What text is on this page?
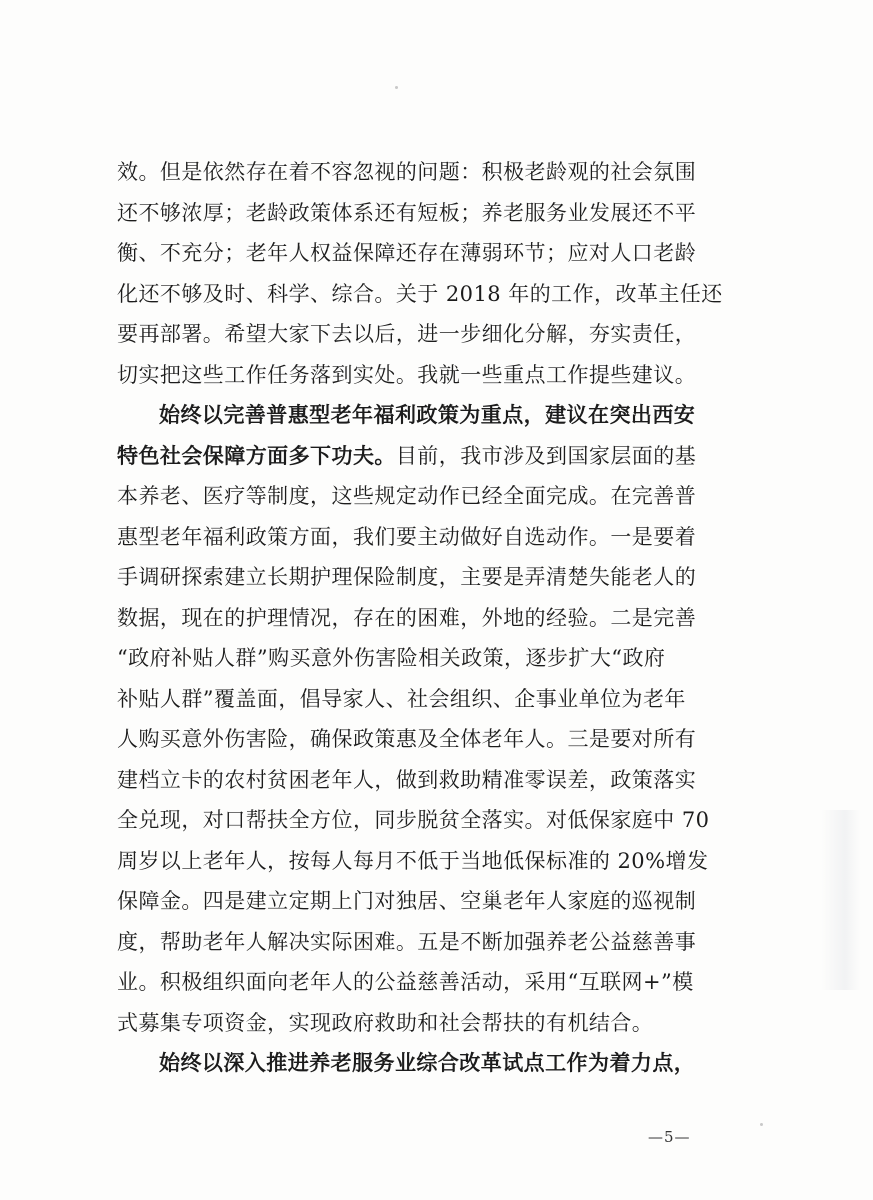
效。但是依然存在着不容忽视的问题：积极老龄观的社会氛围
还不够浓厚；老龄政策体系还有短板；养老服务业发展还不平
衡、不充分；老年人权益保障还存在薄弱环节；应对人口老龄
化还不够及时、科学、综合。关于 2018 年的工作，改革主任还
要再部署。希望大家下去以后，进一步细化分解，夯实责任，
切实把这些工作任务落到实处。我就一些重点工作提些建议。
始终以完善普惠型老年福利政策为重点，建议在突出西安
特色社会保障方面多下功夫。目前，我市涉及到国家层面的基
本养老、医疗等制度，这些规定动作已经全面完成。在完善普
惠型老年福利政策方面，我们要主动做好自选动作。一是要着
手调研探索建立长期护理保险制度，主要是弄清楚失能老人的
数据，现在的护理情况，存在的困难，外地的经验。二是完善
“政府补贴人群”购买意外伤害险相关政策，逐步扩大“政府
补贴人群”覆盖面，倡导家人、社会组织、企事业单位为老年
人购买意外伤害险，确保政策惠及全体老年人。三是要对所有
建档立卡的农村贫困老年人，做到救助精准零误差，政策落实
全兑现，对口帮扶全方位，同步脱贫全落实。对低保家庭中 70
周岁以上老年人，按每人每月不低于当地低保标准的 20%增发
保障金。四是建立定期上门对独居、空巢老年人家庭的巡视制
度，帮助老年人解决实际困难。五是不断加强养老公益慈善事
业。积极组织面向老年人的公益慈善活动，采用“互联网+”模
式募集专项资金，实现政府救助和社会帮扶的有机结合。
始终以深入推进养老服务业综合改革试点工作为着力点，
—5—
